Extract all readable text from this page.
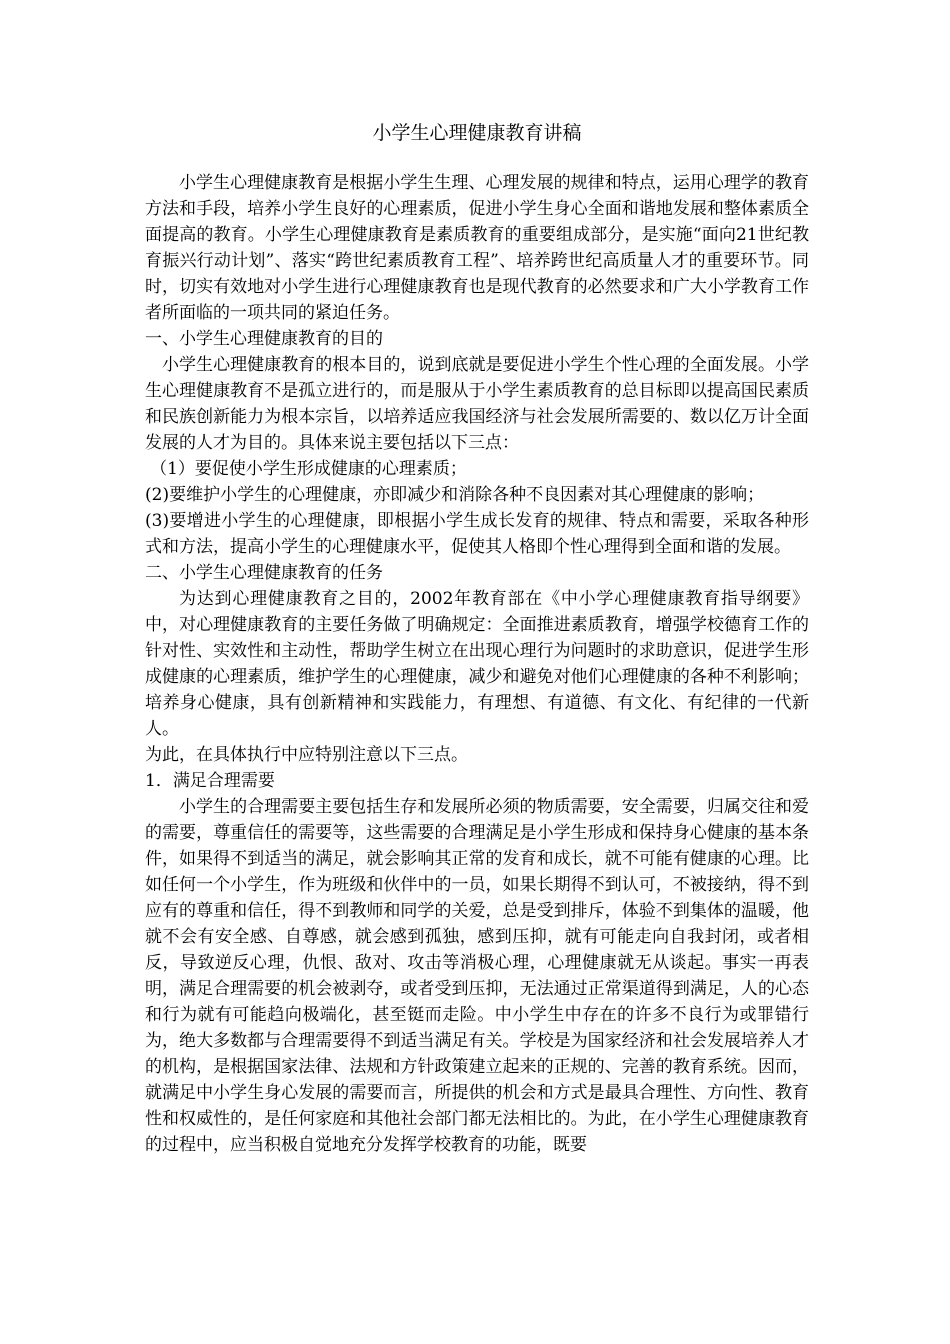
小学生心理健康教育讲稿

小学生心理健康教育是根据小学生生理、心理发展的规律和特点，运用心理学的教育方法和手段，培养小学生良好的心理素质，促进小学生身心全面和谐地发展和整体素质全面提高的教育。小学生心理健康教育是素质教育的重要组成部分，是实施“面向21世纪教育振兴行动计划”、落实“跨世纪素质教育工程”、培养跨世纪高质量人才的重要环节。同时，切实有效地对小学生进行心理健康教育也是现代教育的必然要求和广大小学教育工作者所面临的一项共同的紧迫任务。

一、小学生心理健康教育的目的

小学生心理健康教育的根本目的，说到底就是要促进小学生个性心理的全面发展。小学生心理健康教育不是孤立进行的，而是服从于小学生素质教育的总目标即以提高国民素质和民族创新能力为根本宗旨，以培养适应我国经济与社会发展所需要的、数以亿万计全面发展的人才为目的。具体来说主要包括以下三点：

（1）要促使小学生形成健康的心理素质；

(2)要维护小学生的心理健康，亦即减少和消除各种不良因素对其心理健康的影响；

(3)要增进小学生的心理健康，即根据小学生成长发育的规律、特点和需要，采取各种形式和方法，提高小学生的心理健康水平，促使其人格即个性心理得到全面和谐的发展。

二、小学生心理健康教育的任务

为达到心理健康教育之目的，2002年教育部在《中小学心理健康教育指导纲要》中，对心理健康教育的主要任务做了明确规定：全面推进素质教育，增强学校德育工作的针对性、实效性和主动性，帮助学生树立在出现心理行为问题时的求助意识，促进学生形成健康的心理素质，维护学生的心理健康，减少和避免对他们心理健康的各种不利影响；培养身心健康，具有创新精神和实践能力，有理想、有道德、有文化、有纪律的一代新人。

为此，在具体执行中应特别注意以下三点。

1．满足合理需要

小学生的合理需要主要包括生存和发展所必须的物质需要，安全需要，归属交往和爱的需要，尊重信任的需要等，这些需要的合理满足是小学生形成和保持身心健康的基本条件，如果得不到适当的满足，就会影响其正常的发育和成长，就不可能有健康的心理。比如任何一个小学生，作为班级和伙伴中的一员，如果长期得不到认可，不被接纳，得不到应有的尊重和信任，得不到教师和同学的关爱，总是受到排斥，体验不到集体的温暖，他就不会有安全感、自尊感，就会感到孤独，感到压抑，就有可能走向自我封闭，或者相反，导致逆反心理，仇恨、敌对、攻击等消极心理，心理健康就无从谈起。事实一再表明，满足合理需要的机会被剥夺，或者受到压抑，无法通过正常渠道得到满足，人的心态和行为就有可能趋向极端化，甚至铤而走险。中小学生中存在的许多不良行为或罪错行为，绝大多数都与合理需要得不到适当满足有关。学校是为国家经济和社会发展培养人才的机构，是根据国家法律、法规和方针政策建立起来的正规的、完善的教育系统。因而，就满足中小学生身心发展的需要而言，所提供的机会和方式是最具合理性、方向性、教育性和权威性的，是任何家庭和其他社会部门都无法相比的。为此，在小学生心理健康教育的过程中，应当积极自觉地充分发挥学校教育的功能，既要
